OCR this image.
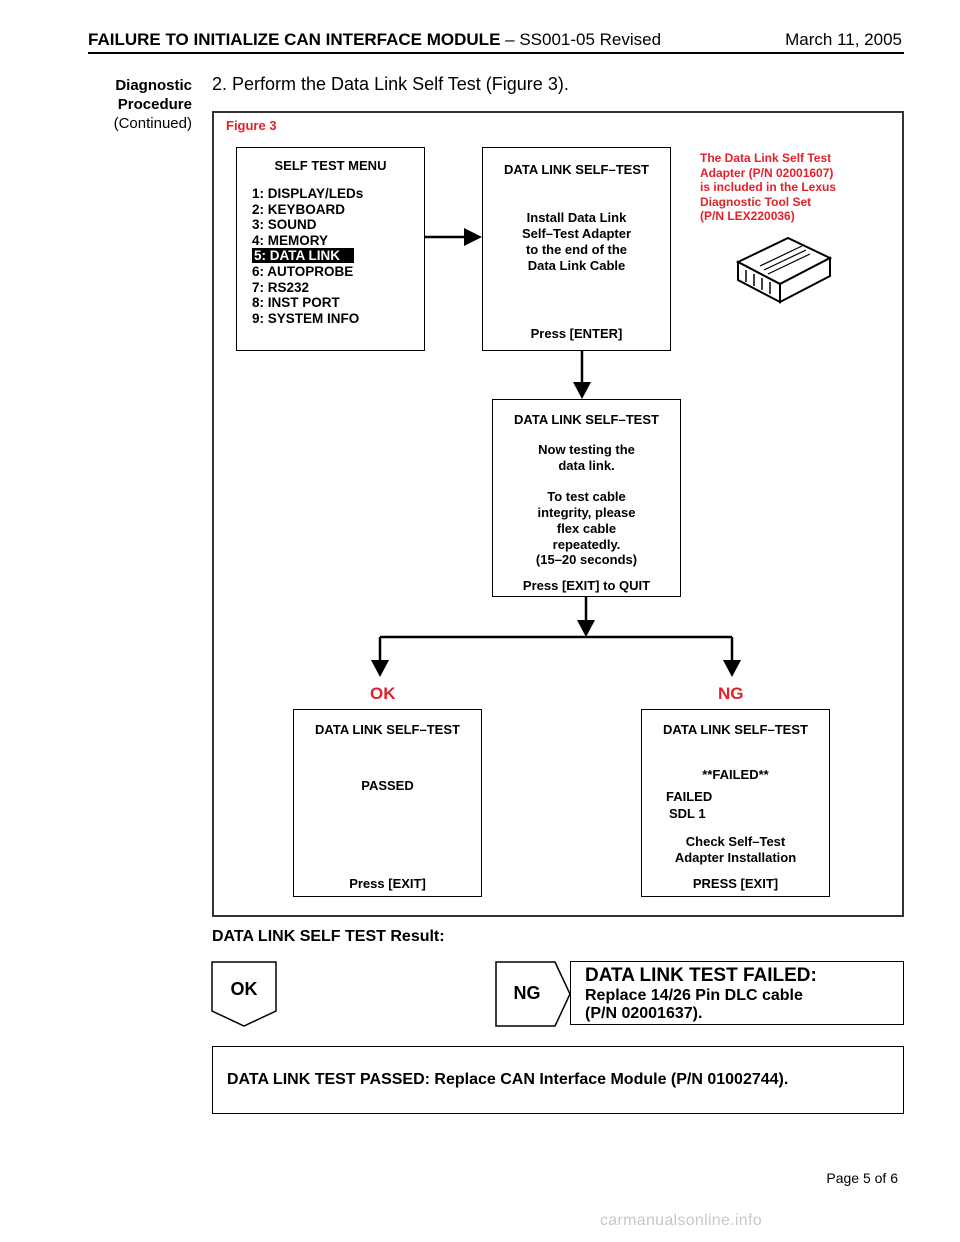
FAILURE TO INITIALIZE CAN INTERFACE MODULE – SS001-05 Revised	March 11, 2005
Diagnostic
Procedure
(Continued)
2. Perform the Data Link Self Test (Figure 3).
Figure 3
SELF TEST MENU
1: DISPLAY/LEDs
2: KEYBOARD
3: SOUND
4: MEMORY
5: DATA LINK
6: AUTOPROBE
7: RS232
8: INST PORT
9: SYSTEM INFO
DATA LINK SELF–TEST
Install Data Link
Self–Test Adapter
to the end of the
Data Link Cable
Press [ENTER]
The Data Link Self Test
Adapter (P/N 02001607)
is included in the Lexus
Diagnostic Tool Set
(P/N LEX220036)
DATA LINK SELF–TEST
Now testing the
data link.
To test cable
integrity, please
flex cable
repeatedly.
(15–20 seconds)
Press [EXIT] to QUIT
OK	NG
DATA LINK SELF–TEST
PASSED
Press [EXIT]
DATA LINK SELF–TEST
**FAILED**
FAILED
SDL 1
Check Self–Test
Adapter Installation
PRESS [EXIT]
DATA LINK SELF TEST Result:
OK	NG
DATA LINK TEST FAILED:
Replace 14/26 Pin DLC cable
(P/N 02001637).
DATA LINK TEST PASSED: Replace CAN Interface Module (P/N 01002744).
Page 5 of 6
carmanualsonline.info
